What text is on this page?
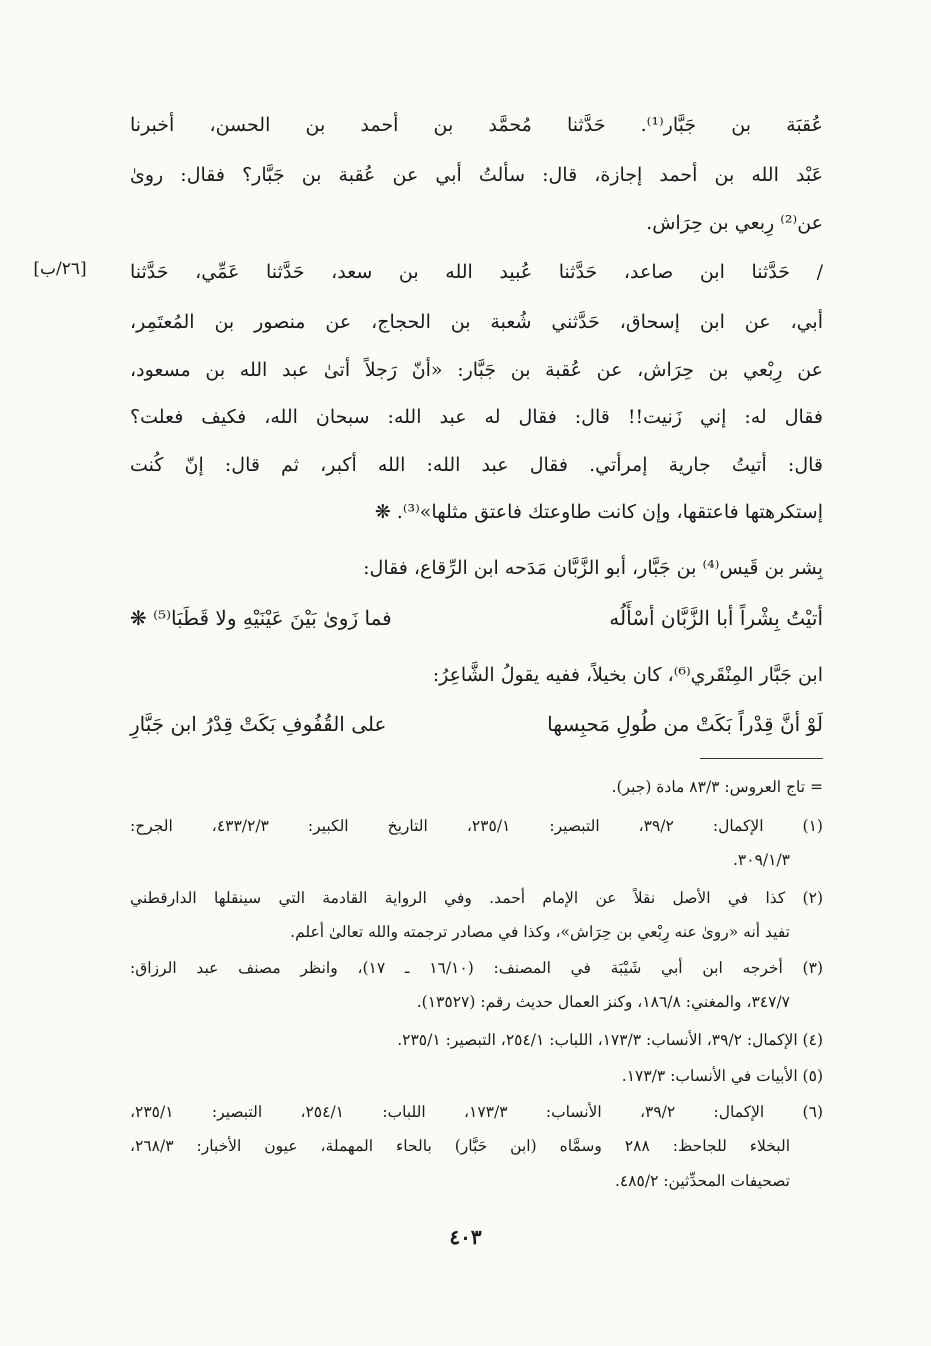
عُقبَة بن جَبَّار⁽¹⁾. حَدَّثنا مُحمَّد بن أحمد بن الحسن، أخبرنا
عَبْد الله بن أحمد إجازة، قال: سألتُ أبي عن عُقبة بن جَبَّار؟ فقال: روىٰ
عن⁽²⁾ رِبعي بن حِرَاش.
[٢٦/ب]	/ حَدَّثنا ابن صاعد، حَدَّثنا عُبيد الله بن سعد، حَدَّثنا عَمِّي، حَدَّثنا
أبي، عن ابن إسحاق، حَدَّثني شُعبة بن الحجاج، عن منصور بن المُعتَمِر،
عن رِبْعي بن حِرَاش، عن عُقبة بن جَبَّار: «أنّ رَجلاً أتىٰ عبد الله بن مسعود،
فقال له: إني زَنيت!! قال: فقال له عبد الله: سبحان الله، فكيف فعلت؟
قال: أتيتُ جارية إمرأتي. فقال عبد الله: الله أكبر، ثم قال: إنّ كُنت
إستكرهتها فاعتقها، وإن كانت طاوعتك فاعتق مثلها»⁽³⁾. ❋
بِشر بن قَيس⁽⁴⁾ بن جَبَّار، أبو الزَّبَّان مَدَحه ابن الرِّقاع، فقال:
أتيْتُ بِشْراً أبا الزَّبَّان أسْأَلُه
فما زَوىٰ بَيْنَ عَيْنَيْهِ ولا قَطَبَا⁽⁵⁾ ❋
ابن جَبَّار المِنْقَري⁽⁶⁾، كان بخيلاً، ففيه يقولُ الشَّاعِرُ:
لَوْ أنَّ قِدْراً بَكَتْ من طُولِ مَحبِسها
على القُفُوفِ بَكَتْ قِدْرُ ابن جَبَّارِ
= تاج العروس: ٨٣/٣ مادة (جبر).
(١) الإكمال: ٣٩/٢، التبصير: ٢٣٥/١، التاريخ الكبير: ٤٣٣/٢/٣، الجرح:
٣٠٩/١/٣.
(٢) كذا في الأصل نقلاً عن الإمام أحمد. وفي الرواية القادمة التي سينقلها الدارقطني
تفيد أنه «روىٰ عنه رِبْعي بن حِرَاش»، وكذا في مصادر ترجمته والله تعالىٰ أعلم.
(٣) أخرجه ابن أبي شَيْبَة في المصنف: (١٦/١٠ ـ ١٧)، وانظر مصنف عبد الرزاق:
٣٤٧/٧، والمغني: ١٨٦/٨، وكنز العمال حديث رقم: (١٣٥٢٧).
(٤) الإكمال: ٣٩/٢، الأنساب: ١٧٣/٣، اللباب: ٢٥٤/١، التبصير: ٢٣٥/١.
(٥) الأبيات في الأنساب: ١٧٣/٣.
(٦) الإكمال: ٣٩/٢، الأنساب: ١٧٣/٣، اللباب: ٢٥٤/١، التبصير: ٢٣٥/١،
البخلاء للجاحظ: ٢٨٨ وسمَّاه (ابن حَبَّار) بالحاء المهملة، عيون الأخبار: ٢٦٨/٣،
تصحيفات المحدِّثين: ٤٨٥/٢.
٤٠٣
